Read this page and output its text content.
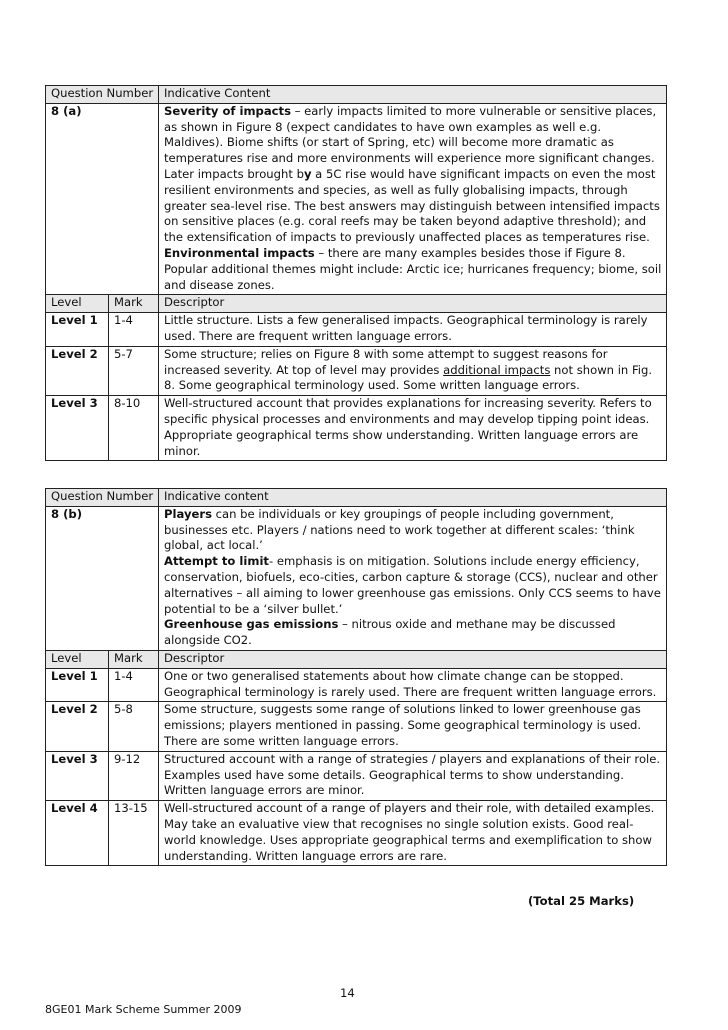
Question Number		Indicative Content
8 (a)		Severity of impacts – early impacts limited to more vulnerable or sensitive places, as shown in Figure 8 (expect candidates to have own examples as well e.g. Maldives). Biome shifts (or start of Spring, etc) will become more dramatic as temperatures rise and more environments will experience more significant changes. Later impacts brought by a 5C rise would have significant impacts on even the most resilient environments and species, as well as fully globalising impacts, through greater sea-level rise. The best answers may distinguish between intensified impacts on sensitive places (e.g. coral reefs may be taken beyond adaptive threshold); and the extensification of impacts to previously unaffected places as temperatures rise.
Environmental impacts – there are many examples besides those if Figure 8. Popular additional themes might include: Arctic ice; hurricanes frequency; biome, soil and disease zones.

Level	Mark	Descriptor
Level 1	1-4	Little structure. Lists a few generalised impacts. Geographical terminology is rarely used. There are frequent written language errors.
Level 2	5-7	Some structure; relies on Figure 8 with some attempt to suggest reasons for increased severity. At top of level may provides additional impacts not shown in Fig. 8. Some geographical terminology used. Some written language errors.
Level 3	8-10	Well-structured account that provides explanations for increasing severity. Refers to specific physical processes and environments and may develop tipping point ideas. Appropriate geographical terms show understanding. Written language errors are minor.
Question Number		Indicative content
8 (b)		Players can be individuals or key groupings of people including government, businesses etc. Players / nations need to work together at different scales: ‘think global, act local.’
Attempt to limit- emphasis is on mitigation. Solutions include energy efficiency, conservation, biofuels, eco-cities, carbon capture & storage (CCS), nuclear and other alternatives – all aiming to lower greenhouse gas emissions. Only CCS seems to have potential to be a ‘silver bullet.’
Greenhouse gas emissions – nitrous oxide and methane may be discussed alongside CO2.

Level	Mark	Descriptor
Level 1	1-4	One or two generalised statements about how climate change can be stopped. Geographical terminology is rarely used. There are frequent written language errors.
Level 2	5-8	Some structure, suggests some range of solutions linked to lower greenhouse gas emissions; players mentioned in passing. Some geographical terminology is used. There are some written language errors.
Level 3	9-12	Structured account with a range of strategies / players and explanations of their role. Examples used have some details. Geographical terms to show understanding. Written language errors are minor.
Level 4	13-15	Well-structured account of a range of players and their role, with detailed examples. May take an evaluative view that recognises no single solution exists. Good real-world knowledge. Uses appropriate geographical terms and exemplification to show understanding. Written language errors are rare.
(Total 25 Marks)
14
8GE01 Mark Scheme Summer 2009
